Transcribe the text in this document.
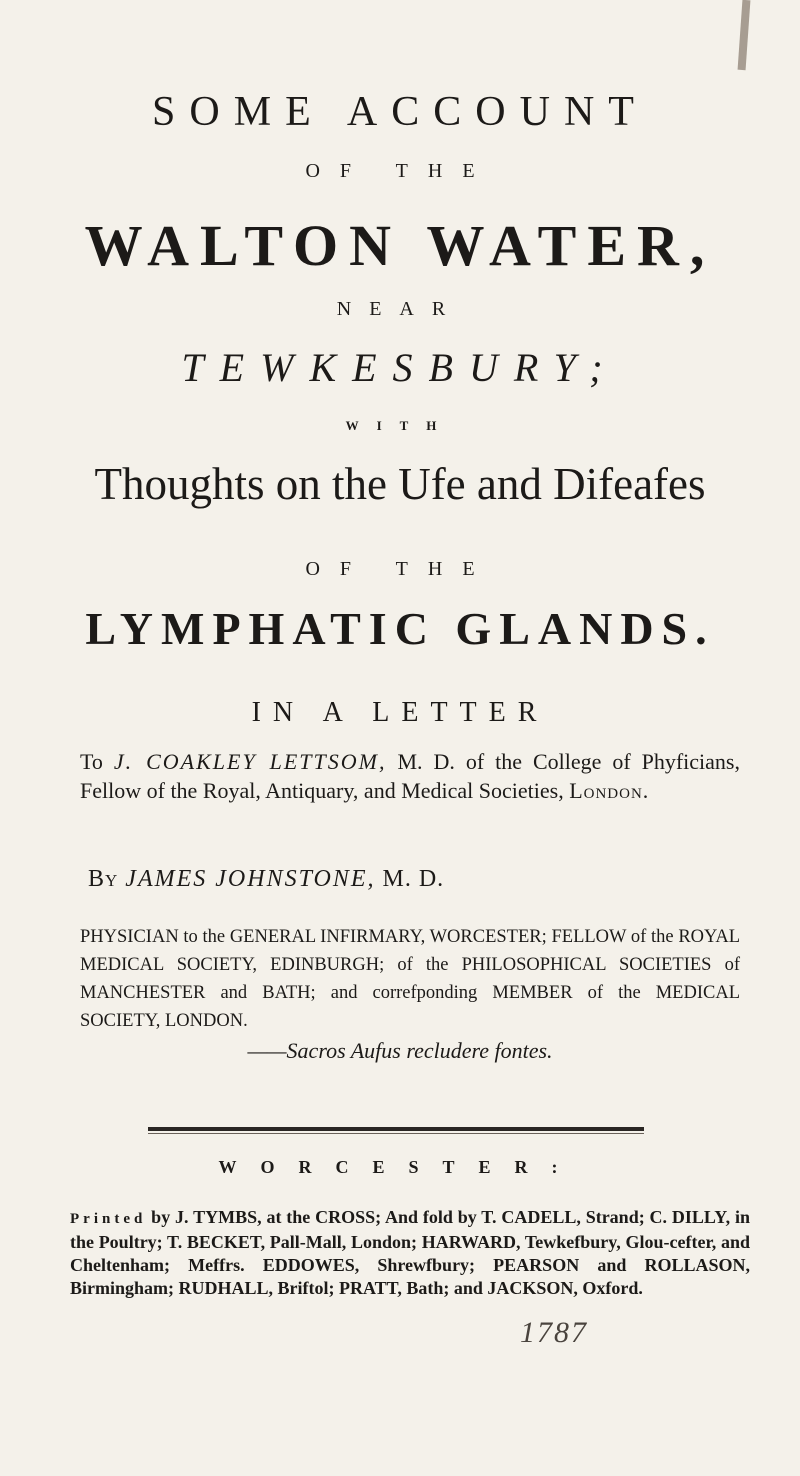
SOME ACCOUNT
OF THE
WALTON WATER,
NEAR
TEWKESBURY;
WITH
Thoughts on the Ufe and Difeafes
OF THE
LYMPHATIC GLANDS.
IN A LETTER
To J. COAKLEY LETTSOM, M. D. of the College of Phyficians, Fellow of the Royal, Antiquary, and Medical Societies, London.
By JAMES JOHNSTONE, M. D.
PHYSICIAN to the GENERAL INFIRMARY, WORCESTER; FELLOW of the ROYAL MEDICAL SOCIETY, EDINBURGH; of the PHILOSOPHICAL SOCIETIES of MANCHESTER and BATH; and correfponding MEMBER of the MEDICAL SOCIETY, LONDON.
——Sacros Aufus recludere fontes.
WORCESTER:
Printed by J. TYMBS, at the CROSS; And fold by T. CADELL, Strand; C. DILLY, in the Poultry; T. BECKET, Pall-Mall, London; HARWARD, Tewkefbury, Glou-cefter, and Cheltenham; Meffrs. EDDOWES, Shrewfbury; PEARSON and ROLLASON, Birmingham; RUDHALL, Briftol; PRATT, Bath; and JACKSON, Oxford.
1787
